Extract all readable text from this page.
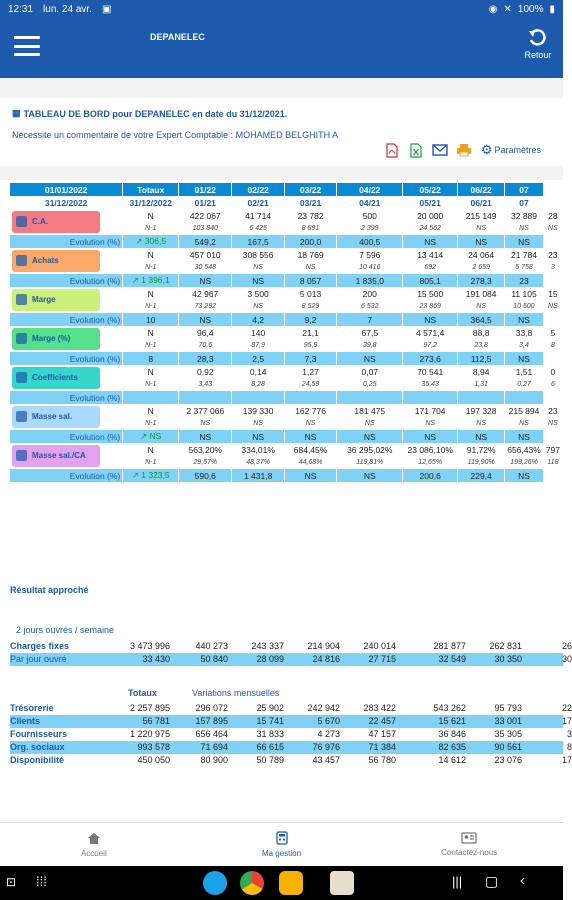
12:31 lun. 24 avr. ▣	◉ ✕ 100% ▮
DEPANELEC
Retour
▦ TABLEAU DE BORD pour DEPANELEC en date du 31/12/2021.
Nécessite un commentaire de votre Expert Comptable : MOHAMED BELGHITH A
⚙ Paramètres
01/01/2022	Totaux	01/22	02/22	03/22	04/22	05/22	06/22	07	
31/12/2022	31/12/2022	01/21	02/21	03/21	04/21	05/21	06/21	07	

C.A.	N	422 067	41 714	23 782	500	20 000	215 149	32 889	28
	N-1	103 840	6 425	8 891	2 399	24 562	NS	NS	NS
Evolution (%)	↗ 306,5	549,2	167,5	200,0	400,5	NS	NS	NS	

Achats	N	457 010	308 556	18 769	7 596	13 414	24 064	21 784	23
	N-1	30 548	NS	NS	10 416	692	2 659	5 758	3
Evolution (%)	↗ 1 396,1	NS	NS	8 057	1 835,0	805,1	278,3	23	

Marge	N	42 967	3 500	5 013	200	15 500	191 084	11 105	15
	N-1	73 292	NS	8 529	6 532	23 869	NS	10 500	NS
Evolution (%)	10	NS	4,2	9,2	7	NS	364,5	NS	

Marge (%)	N	96,4	140	21,1	67,5	4 571,4	88,8	33,8	5
	N-1	70,6	87,9	95,9	39,8	97,2	23,8	3,4	8
Evolution (%)	8	28,3	2,5	7,3	NS	273,6	112,5	NS	

Coefficients	N	0,92	0,14	1,27	0,07	70 541	8,94	1,51	0
	N-1	3,43	8,28	24,59	0,25	35,43	1,31	0,27	6
Evolution (%)									

Masse sal.	N	2 377 066	139 330	162 776	181 475	171 704	197 328	215 894	23
	N-1	NS	NS	NS	NS	NS	NS	NS	NS
Evolution (%)	↗ NS	NS	NS	NS	NS	NS	NS	NS	

Masse sal./CA	N	563,20%	334,01%	684,45%	36 295,02%	23 086,10%	91,72%	656,43%	797
	N-1	29,57%	48,37%	44,68%	119,81%	12,65%	119,90%	199,26%	118
Evolution (%)	↗ 1 323,5	590,6	1 431,8	NS	NS	200,6	229,4	NS	
Résultat approché
2 jours ouvrés / semaine
Charges fixes	3 473 996	440 273	243 337	214 904	240 014	281 877	262 831	26
Par jour ouvré	33 430	50 840	28 099	24 816	27 715	32 549	30 350	30
Totaux	Variations mensuelles
Trésorerie	2 257 895	296 072	25 902	242 942	283 422	543 262	95 793	22
Clients	56 781	157 895	15 741	5 670	22 457	15 621	33 001	17
Fournisseurs	1 220 975	656 464	31 833	4 273	47 157	36 846	35 305	3
Org. sociaux	993 578	71 694	66 615	76 976	71 384	82 635	90 561	8
Disponibilité	450 050	80 900	50 789	43 457	56 780	14 612	23 076	17
Accueil	Ma gestion	Contactez-nous
⊡ ⁞⁞⁞	||| ▢ ‹
